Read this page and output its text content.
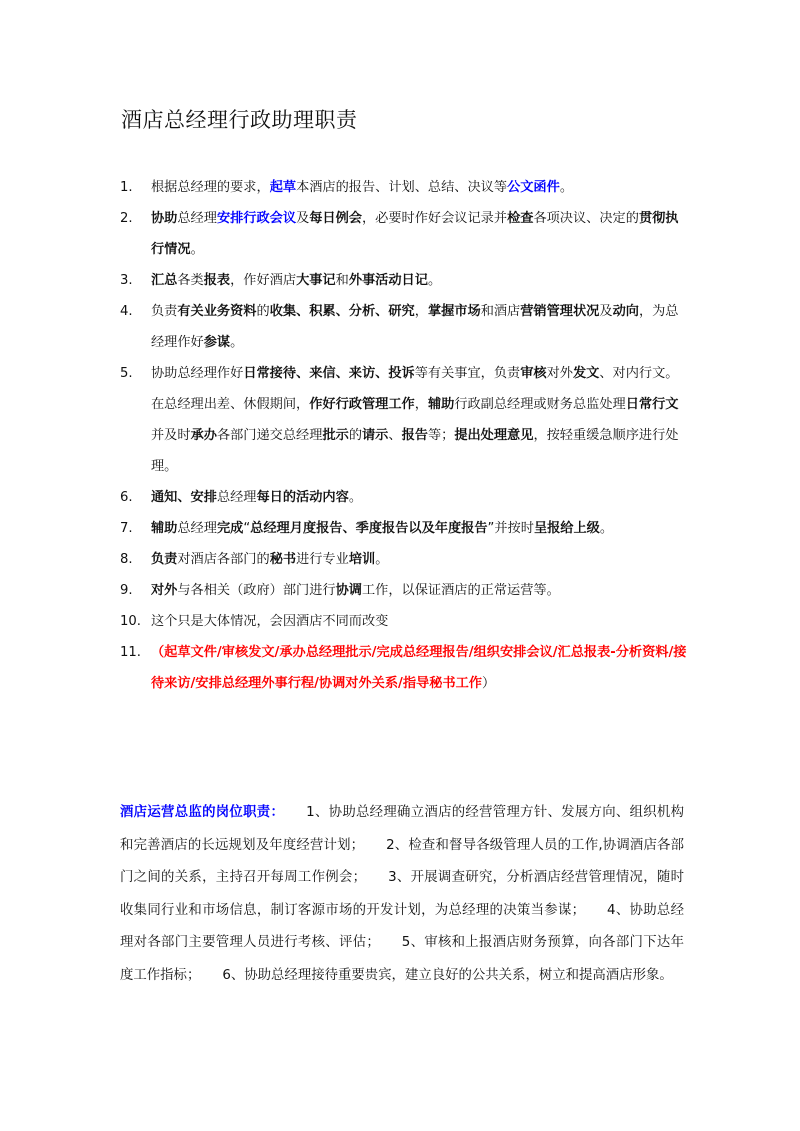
酒店总经理行政助理职责
1. 根据总经理的要求，起草本酒店的报告、计划、总结、决议等公文函件。
2. 协助总经理安排行政会议及每日例会，必要时作好会议记录并检查各项决议、决定的贯彻执行情况。
3. 汇总各类报表，作好酒店大事记和外事活动日记。
4. 负责有关业务资料的收集、积累、分析、研究，掌握市场和酒店营销管理状况及动向，为总经理作好参谋。
5. 协助总经理作好日常接待、来信、来访、投诉等有关事宜，负责审核对外发文、对内行文。在总经理出差、休假期间，作好行政管理工作，辅助行政副总经理或财务总监处理日常行文并及时承办各部门递交总经理批示的请示、报告等；提出处理意见，按轻重缓急顺序进行处理。
6. 通知、安排总经理每日的活动内容。
7. 辅助总经理完成“总经理月度报告、季度报告以及年度报告”并按时呈报给上级。
8. 负责对酒店各部门的秘书进行专业培训。
9. 对外与各相关（政府）部门进行协调工作，以保证酒店的正常运营等。
10. 这个只是大体情况，会因酒店不同而改变
11. （起草文件/审核发文/承办总经理批示/完成总经理报告/组织安排会议/汇总报表-分析资料/接待来访/安排总经理外事行程/协调对外关系/指导秘书工作）
酒店运营总监的岗位职责： 1、协助总经理确立酒店的经营管理方针、发展方向、组织机构和完善酒店的长远规划及年度经营计划； 2、检查和督导各级管理人员的工作,协调酒店各部门之间的关系，主持召开每周工作例会； 3、开展调查研究，分析酒店经营管理情况，随时收集同行业和市场信息，制订客源市场的开发计划，为总经理的决策当参谋； 4、协助总经理对各部门主要管理人员进行考核、评估； 5、审核和上报酒店财务预算，向各部门下达年度工作指标； 6、协助总经理接待重要贵宾，建立良好的公共关系，树立和提高酒店形象。
